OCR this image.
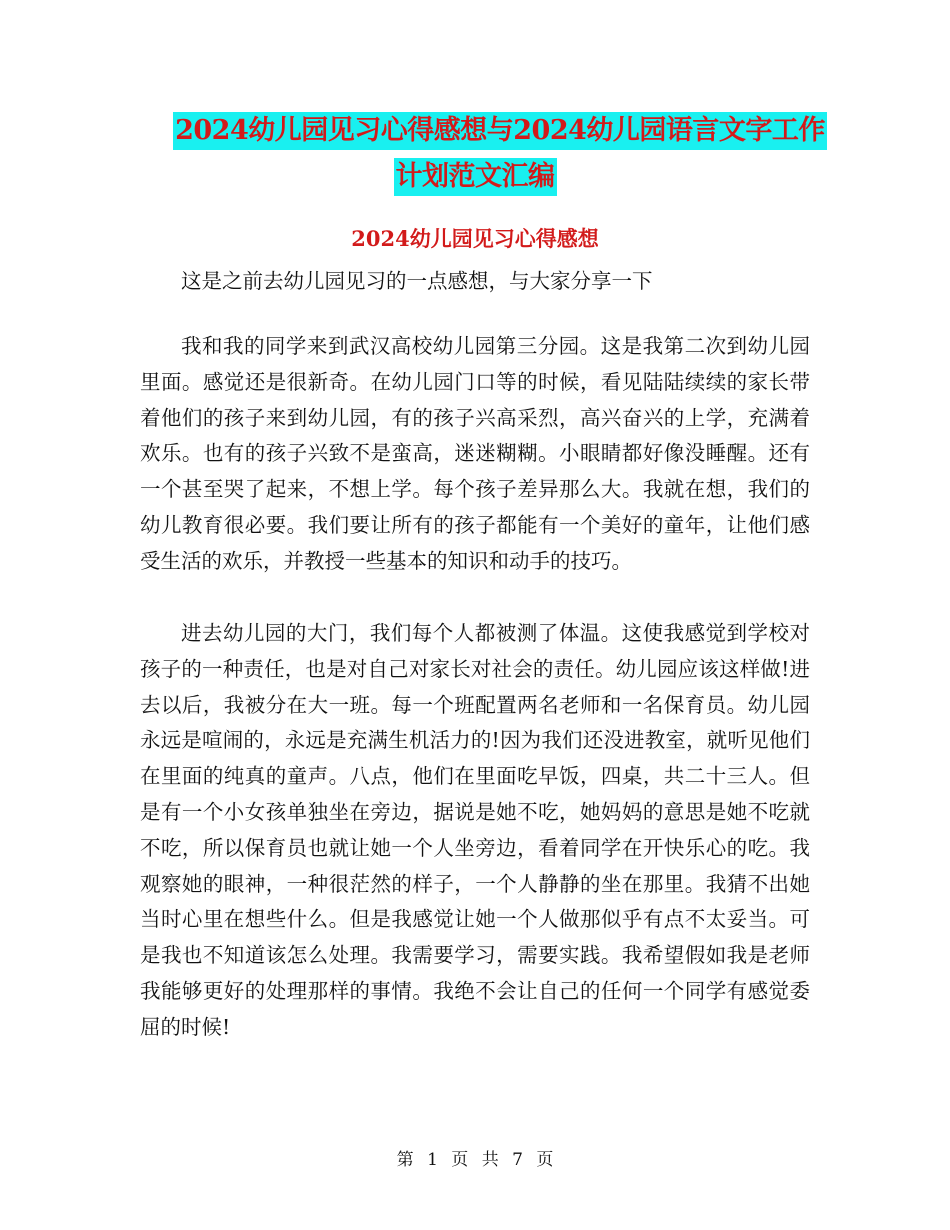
2024幼儿园见习心得感想与2024幼儿园语言文字工作
计划范文汇编
2024幼儿园见习心得感想

这是之前去幼儿园见习的一点感想，与大家分享一下

我和我的同学来到武汉高校幼儿园第三分园。这是我第二次到幼儿园里面。感觉还是很新奇。在幼儿园门口等的时候，看见陆陆续续的家长带着他们的孩子来到幼儿园，有的孩子兴高采烈，高兴奋兴的上学，充满着欢乐。也有的孩子兴致不是蛮高，迷迷糊糊。小眼睛都好像没睡醒。还有一个甚至哭了起来，不想上学。每个孩子差异那么大。我就在想，我们的幼儿教育很必要。我们要让所有的孩子都能有一个美好的童年，让他们感受生活的欢乐，并教授一些基本的知识和动手的技巧。

进去幼儿园的大门，我们每个人都被测了体温。这使我感觉到学校对孩子的一种责任，也是对自己对家长对社会的责任。幼儿园应该这样做!进去以后，我被分在大一班。每一个班配置两名老师和一名保育员。幼儿园永远是喧闹的，永远是充满生机活力的!因为我们还没进教室，就听见他们在里面的纯真的童声。八点，他们在里面吃早饭，四桌，共二十三人。但是有一个小女孩单独坐在旁边，据说是她不吃，她妈妈的意思是她不吃就不吃，所以保育员也就让她一个人坐旁边，看着同学在开快乐心的吃。我观察她的眼神，一种很茫然的样子，一个人静静的坐在那里。我猜不出她当时心里在想些什么。但是我感觉让她一个人做那似乎有点不太妥当。可是我也不知道该怎么处理。我需要学习，需要实践。我希望假如我是老师我能够更好的处理那样的事情。我绝不会让自己的任何一个同学有感觉委屈的时候!

第 1 页 共 7 页
